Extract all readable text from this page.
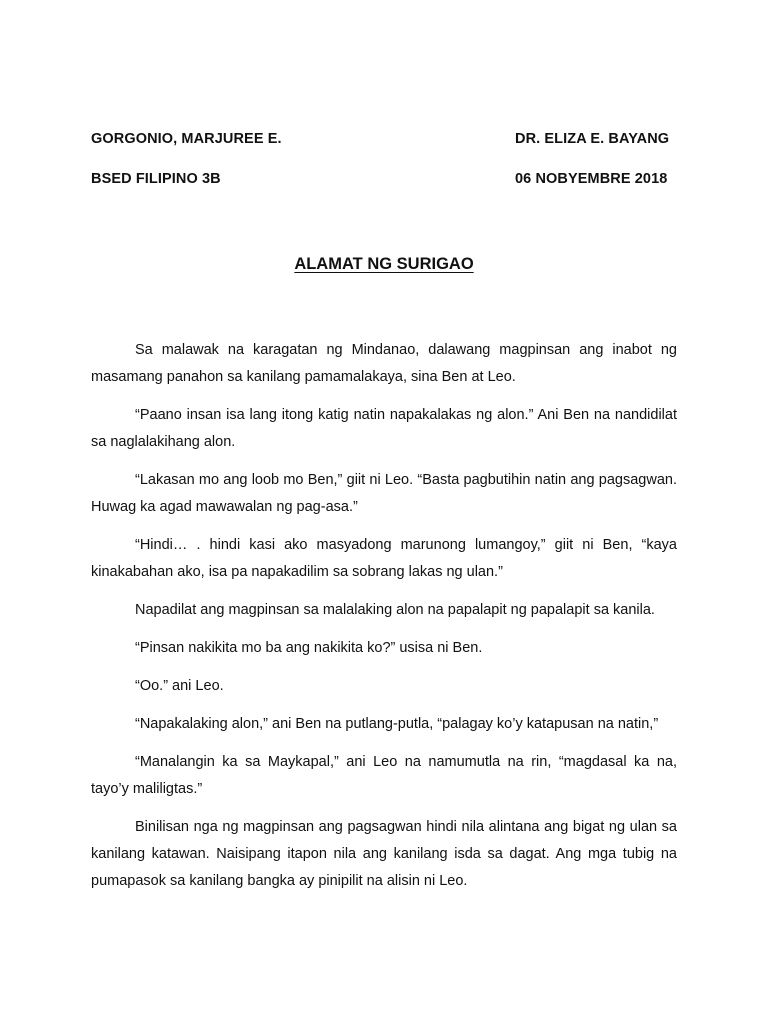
GORGONIO, MARJUREE E.	DR. ELIZA E. BAYANG
BSED FILIPINO 3B	06 NOBYEMBRE 2018
ALAMAT NG SURIGAO

Sa malawak na karagatan ng Mindanao, dalawang magpinsan ang inabot ng masamang panahon sa kanilang pamamalakaya, sina Ben at Leo.

“Paano insan isa lang itong katig natin napakalakas ng alon.” Ani Ben na nandidilat sa naglalakihang alon.

“Lakasan mo ang loob mo Ben,” giit ni Leo. “Basta pagbutihin natin ang pagsagwan. Huwag ka agad mawawalan ng pag-asa.”

“Hindi… . hindi kasi ako masyadong marunong lumangoy,” giit ni Ben, “kaya kinakabahan ako, isa pa napakadilim sa sobrang lakas ng ulan.”

Napadilat ang magpinsan sa malalaking alon na papalapit ng papalapit sa kanila.

“Pinsan nakikita mo ba ang nakikita ko?” usisa ni Ben.

“Oo.” ani Leo.

“Napakalaking alon,” ani Ben na putlang-putla, “palagay ko’y katapusan na natin,”

“Manalangin ka sa Maykapal,” ani Leo na namumutla na rin, “magdasal ka na, tayo’y maliligtas.”

Binilisan nga ng magpinsan ang pagsagwan hindi nila alintana ang bigat ng ulan sa kanilang katawan. Naisipang itapon nila ang kanilang isda sa dagat. Ang mga tubig na pumapasok sa kanilang bangka ay pinipilit na alisin ni Leo.
